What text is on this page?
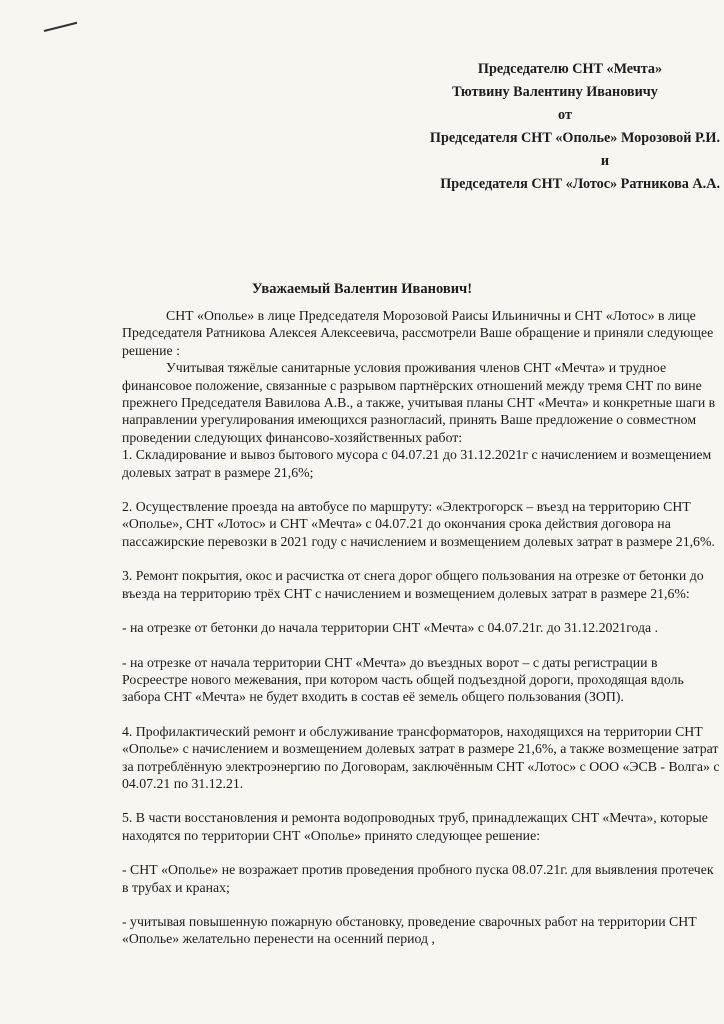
Председателю СНТ «Мечта»
Тютвину Валентину Ивановичу
от
Председателя СНТ «Ополье» Морозовой Р.И.
и
Председателя СНТ «Лотос» Ратникова А.А.
Уважаемый Валентин Иванович!

СНТ «Ополье» в лице Председателя Морозовой Раисы Ильиничны и СНТ «Лотос» в лице Председателя Ратникова Алексея Алексеевича, рассмотрели Ваше обращение и приняли следующее решение :

Учитывая тяжёлые санитарные условия проживания членов СНТ «Мечта» и трудное финансовое положение, связанные с разрывом партнёрских отношений между тремя СНТ по вине прежнего Председателя Вавилова А.В., а также, учитывая планы СНТ «Мечта» и конкретные шаги в направлении урегулирования имеющихся разногласий, принять Ваше предложение о совместном проведении следующих финансово-хозяйственных работ:

1. Складирование и вывоз бытового мусора с 04.07.21 до 31.12.2021г с начислением и возмещением долевых затрат в размере 21,6%;

2. Осуществление проезда на автобусе по маршруту: «Электрогорск – въезд на территорию СНТ «Ополье», СНТ «Лотос» и СНТ «Мечта» с 04.07.21 до окончания срока действия договора на пассажирские перевозки в 2021 году с начислением и возмещением долевых затрат в размере 21,6%.

3. Ремонт покрытия, окос и расчистка от снега дорог общего пользования на отрезке от бетонки до въезда на территорию трёх СНТ с начислением и возмещением долевых затрат в размере 21,6%:

- на отрезке от бетонки до начала территории СНТ «Мечта» с 04.07.21г. до 31.12.2021года .

- на отрезке от начала территории СНТ «Мечта» до въездных ворот – с даты регистрации в Росреестре нового межевания, при котором часть общей подъездной дороги, проходящая вдоль забора СНТ «Мечта» не будет входить в состав её земель общего пользования (ЗОП).

4. Профилактический ремонт и обслуживание трансформаторов, находящихся на территории СНТ «Ополье» с начислением и возмещением долевых затрат в размере 21,6%, а также возмещение затрат за потреблённую электроэнергию по Договорам, заключённым СНТ «Лотос» с ООО «ЭСВ - Волга» с 04.07.21 по 31.12.21.

5. В части восстановления и ремонта водопроводных труб, принадлежащих СНТ «Мечта», которые находятся по территории СНТ «Ополье» принято следующее решение:

- СНТ «Ополье» не возражает против проведения пробного пуска 08.07.21г. для выявления протечек в трубах и кранах;

- учитывая повышенную пожарную обстановку, проведение сварочных работ на территории СНТ «Ополье» желательно перенести на осенний период ,
